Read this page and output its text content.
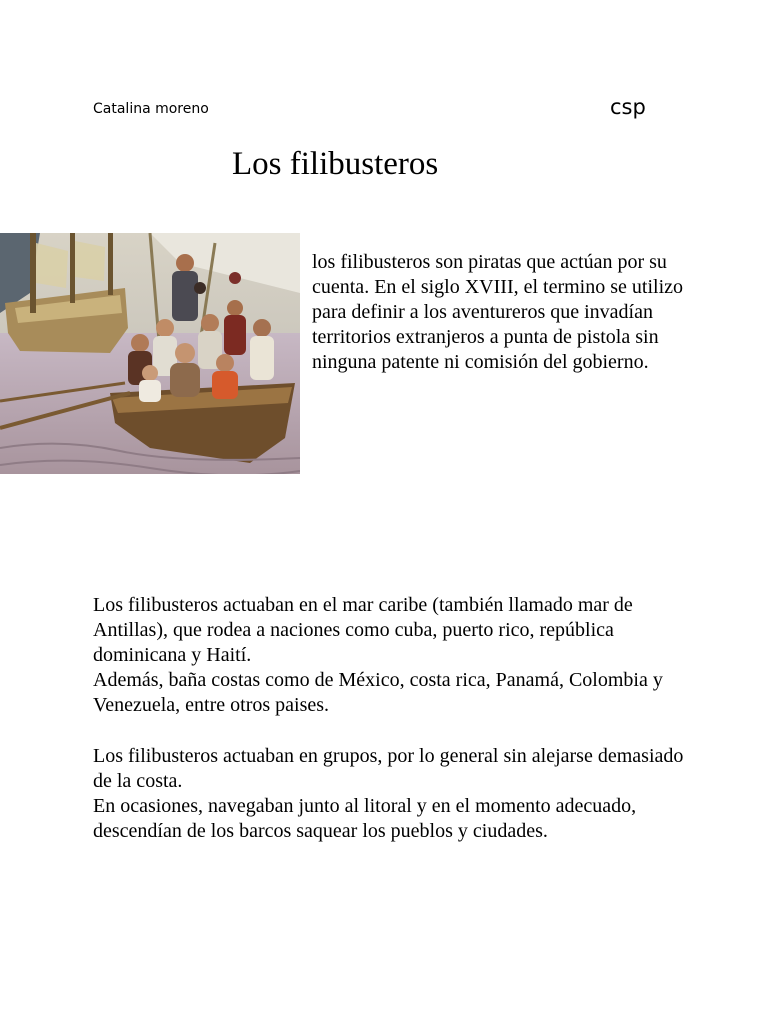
Catalina moreno	csp
Los filibusteros

los filibusteros son piratas que actúan por su cuenta. En el siglo XVIII, el termino se utilizo para definir a los aventureros que invadían territorios extranjeros a punta de pistola sin ninguna patente ni comisión del gobierno.

Los filibusteros actuaban en el mar caribe (también llamado mar de Antillas), que rodea a naciones como cuba, puerto rico, república dominicana y Haití.
Además, baña costas como de México, costa rica, Panamá, Colombia y Venezuela, entre otros paises.

Los filibusteros actuaban en grupos, por lo general sin alejarse demasiado de la costa.
En ocasiones, navegaban junto al litoral y en el momento adecuado, descendían de los barcos saquear los pueblos y ciudades.
